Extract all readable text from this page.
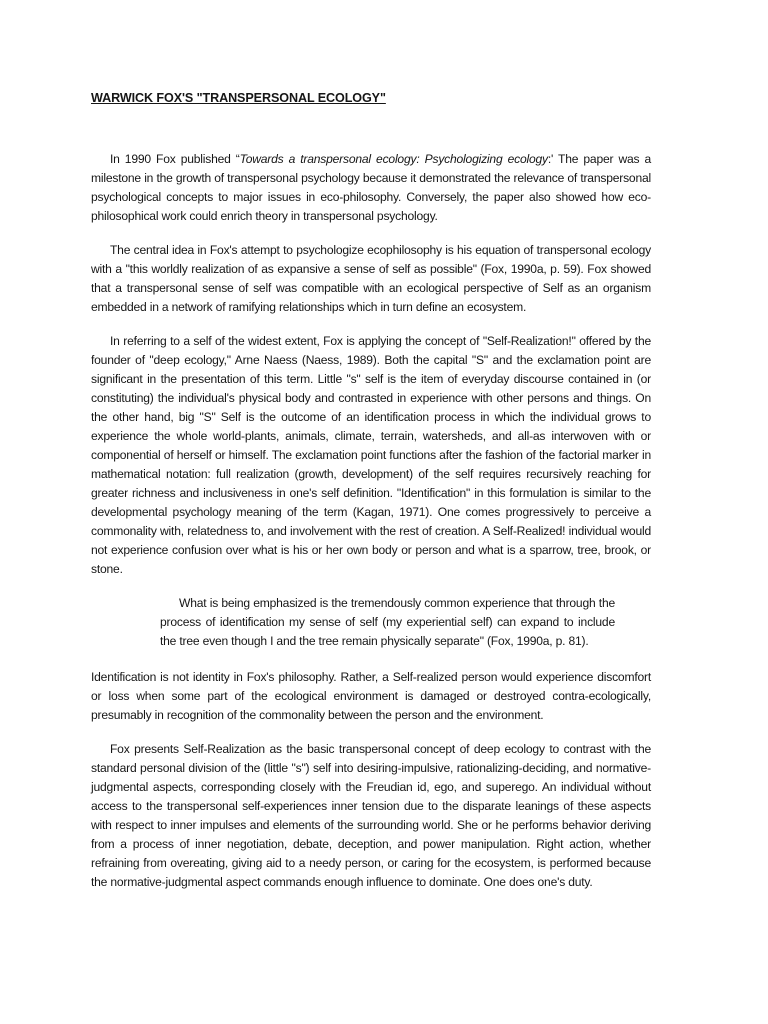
WARWICK FOX'S "TRANSPERSONAL ECOLOGY"

In 1990 Fox published “Towards a transpersonal ecology: Psychologizing ecology:' The paper was a milestone in the growth of transpersonal psychology because it demonstrated the relevance of transpersonal psychological concepts to major issues in eco-philosophy. Conversely, the paper also showed how eco-philosophical work could enrich theory in transpersonal psychology.

The central idea in Fox's attempt to psychologize ecophilosophy is his equation of transpersonal ecology with a "this worldly realization of as expansive a sense of self as possible" (Fox, 1990a, p. 59). Fox showed that a transpersonal sense of self was compatible with an ecological perspective of Self as an organism embedded in a network of ramifying relationships which in turn define an ecosystem.

In referring to a self of the widest extent, Fox is applying the concept of "Self-Realization!" offered by the founder of "deep ecology," Arne Naess (Naess, 1989). Both the capital "S" and the exclamation point are significant in the presentation of this term. Little "s" self is the item of everyday discourse contained in (or constituting) the individual's physical body and contrasted in experience with other persons and things. On the other hand, big "S" Self is the outcome of an identification process in which the individual grows to experience the whole world-plants, animals, climate, terrain, watersheds, and all-as interwoven with or componential of herself or himself. The exclamation point functions after the fashion of the factorial marker in mathematical notation: full realization (growth, development) of the self requires recursively reaching for greater richness and inclusiveness in one's self definition. "Identification" in this formulation is similar to the developmental psychology meaning of the term (Kagan, 1971). One comes progressively to perceive a commonality with, relatedness to, and involvement with the rest of creation. A Self-Realized! individual would not experience confusion over what is his or her own body or person and what is a sparrow, tree, brook, or stone.

What is being emphasized is the tremendously common experience that through the process of identification my sense of self (my experiential self) can expand to include the tree even though I and the tree remain physically separate" (Fox, 1990a, p. 81).

Identification is not identity in Fox's philosophy. Rather, a Self-realized person would experience discomfort or loss when some part of the ecological environment is damaged or destroyed contra-ecologically, presumably in recognition of the commonality between the person and the environment.

Fox presents Self-Realization as the basic transpersonal concept of deep ecology to contrast with the standard personal division of the (little "s") self into desiring-impulsive, rationalizing-deciding, and normative-judgmental aspects, corresponding closely with the Freudian id, ego, and superego. An individual without access to the transpersonal self-experiences inner tension due to the disparate leanings of these aspects with respect to inner impulses and elements of the surrounding world. She or he performs behavior deriving from a process of inner negotiation, debate, deception, and power manipulation. Right action, whether refraining from overeating, giving aid to a needy person, or caring for the ecosystem, is performed because the normative-judgmental aspect commands enough influence to dominate. One does one's duty.
